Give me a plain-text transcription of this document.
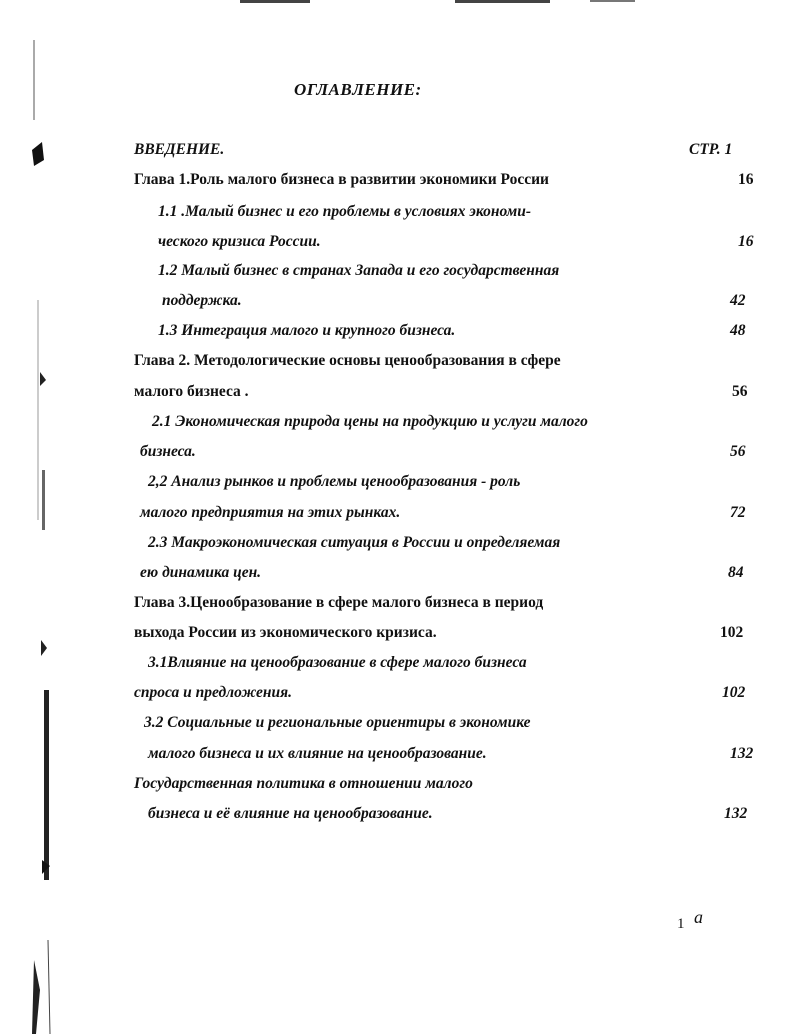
ОГЛАВЛЕНИЕ:
ВВЕДЕНИЕ.	СТР. 1
Глава 1.Роль малого бизнеса в развитии экономики России	16
1.1 .Малый бизнес и его проблемы в условиях экономи-
ческого кризиса России.	16
1.2 Малый бизнес в странах Запада и его государственная
поддержка.	42
1.3 Интеграция малого и крупного бизнеса.	48
Глава 2. Методологические основы ценообразования в сфере
малого бизнеса .	56
2.1 Экономическая природа цены на продукцию и услуги малого
бизнеса.	56
2,2 Анализ рынков и проблемы ценообразования - роль
малого предприятия на этих рынках.	72
2.3 Макроэкономическая ситуация в России и определяемая
ею динамика цен.	84
Глава 3.Ценообразование в сфере малого бизнеса в период
выхода России из экономического кризиса.	102
3.1Влияние на ценообразование в сфере малого бизнеса
спроса и предложения.	102
3.2 Социальные и региональные ориентиры в экономике
малого бизнеса и их влияние на ценообразование.	132
Государственная политика в отношении малого
бизнеса и её влияние на ценообразование.	132
1 a
